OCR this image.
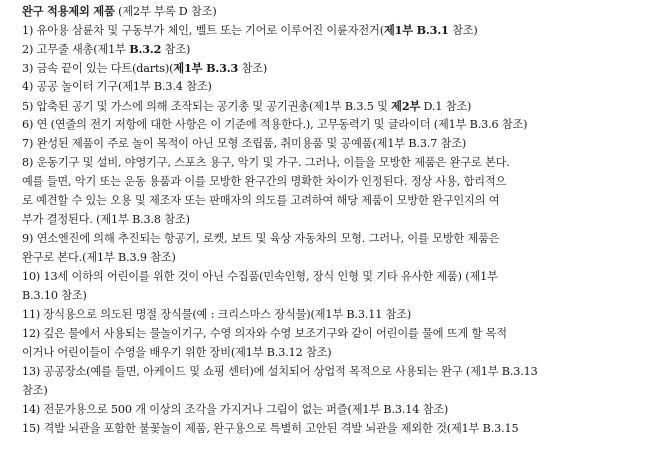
완구 적용제외 제품 (제2부 부록 D 참조)
1) 유아용 삼륜차 및 구동부가 체인, 벨트 또는 기어로 이루어진 이륜자전거(제1부 B.3.1 참조)
2) 고무줄 새총(제1부 B.3.2 참조)
3) 금속 끝이 있는 다트(darts)(제1부 B.3.3 참조)
4) 공공 놀이터 기구(제1부 B.3.4 참조)
5) 압축된 공기 및 가스에 의해 조작되는 공기총 및 공기권총(제1부 B.3.5 및 제2부 D.1 참조)
6) 연 (연줄의 전기 저항에 대한 사항은 이 기준에 적용한다.), 고무동력기 및 글라이더 (제1부 B.3.6 참조)
7) 완성된 제품이 주로 놀이 목적이 아닌 모형 조립품, 취미용품 및 공예품(제1부 B.3.7 참조)
8) 운동기구 및 설비, 야영기구, 스포츠 용구, 악기 및 가구. 그러나, 이들을 모방한 제품은 완구로 본다.
예를 들면, 악기 또는 운동 용품과 이를 모방한 완구간의 명확한 차이가 인정된다. 정상 사용, 합리적으
로 예견할 수 있는 오용 및 제조자 또는 판매자의 의도를 고려하여 해당 제품이 모방한 완구인지의 여
부가 결정된다. (제1부 B.3.8 참조)
9) 연소엔진에 의해 추진되는 항공기, 로켓, 보트 및 육상 자동차의 모형. 그러나, 이를 모방한 제품은
완구로 본다.(제1부 B.3.9 참조)
10) 13세 이하의 어린이를 위한 것이 아닌 수집품(민속인형, 장식 인형 및 기타 유사한 제품) (제1부
B.3.10 참조)
11) 장식용으로 의도된 명절 장식물(예 : 크리스마스 장식물)(제1부 B.3.11 참조)
12) 깊은 물에서 사용되는 물놀이기구, 수영 의자와 수영 보조기구와 같이 어린이를 물에 뜨게 할 목적
이거나 어린이들이 수영을 배우기 위한 장비(제1부 B.3.12 참조)
13) 공공장소(예를 들면, 아케이드 및 쇼핑 센터)에 설치되어 상업적 목적으로 사용되는 완구 (제1부 B.3.13
참조)
14) 전문가용으로 500 개 이상의 조각을 가지거나 그림이 없는 퍼즐(제1부 B.3.14 참조)
15) 격발 뇌관을 포함한 불꽃놀이 제품, 완구용으로 특별히 고안된 격발 뇌관을 제외한 것(제1부 B.3.15
